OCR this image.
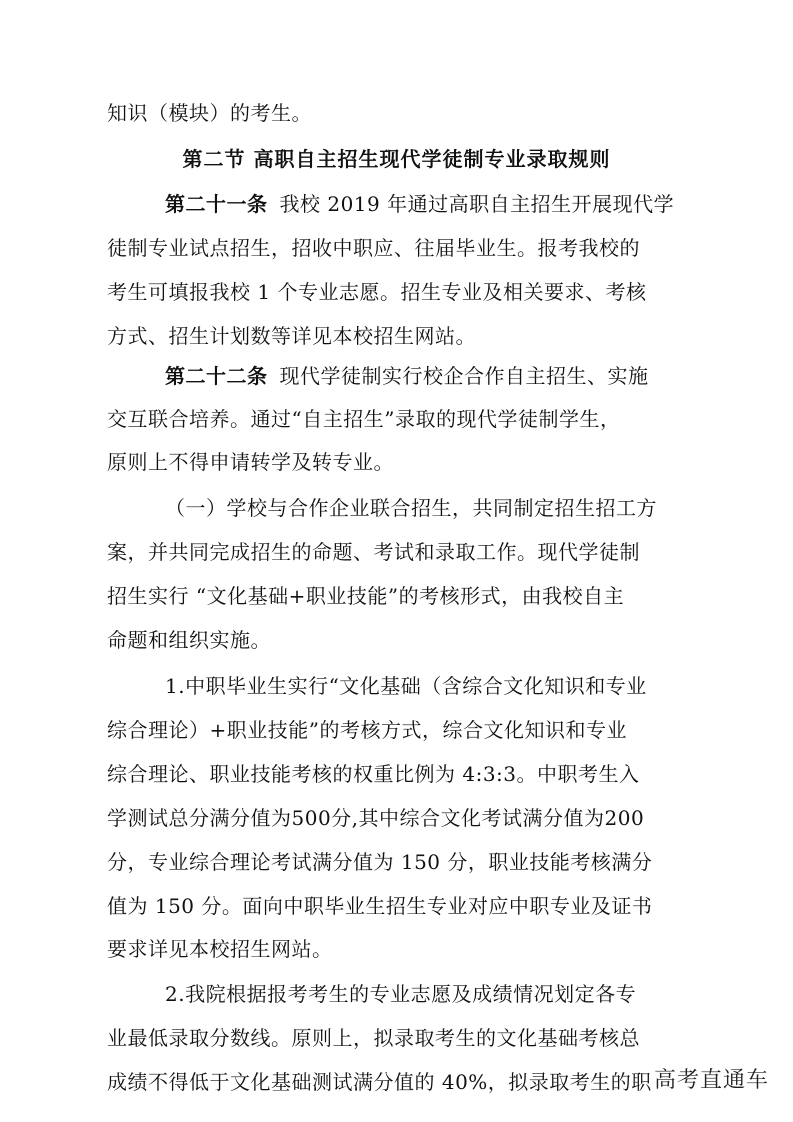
知识（模块）的考生。
第二节 高职自主招生现代学徒制专业录取规则
第二十一条 我校 2019 年通过高职自主招生开展现代学
徒制专业试点招生，招收中职应、往届毕业生。报考我校的
考生可填报我校 1 个专业志愿。招生专业及相关要求、考核
方式、招生计划数等详见本校招生网站。
第二十二条 现代学徒制实行校企合作自主招生、实施
交互联合培养。通过“自主招生”录取的现代学徒制学生，
原则上不得申请转学及转专业。
（一）学校与合作企业联合招生，共同制定招生招工方
案，并共同完成招生的命题、考试和录取工作。现代学徒制
招生实行 “文化基础+职业技能”的考核形式，由我校自主
命题和组织实施。
1.中职毕业生实行“文化基础（含综合文化知识和专业
综合理论）+职业技能”的考核方式，综合文化知识和专业
综合理论、职业技能考核的权重比例为 4:3:3。中职考生入
学测试总分满分值为500分,其中综合文化考试满分值为200
分，专业综合理论考试满分值为 150 分，职业技能考核满分
值为 150 分。面向中职毕业生招生专业对应中职专业及证书
要求详见本校招生网站。
2.我院根据报考考生的专业志愿及成绩情况划定各专
业最低录取分数线。原则上，拟录取考生的文化基础考核总
成绩不得低于文化基础测试满分值的 40%，拟录取考生的职 高考直通车
